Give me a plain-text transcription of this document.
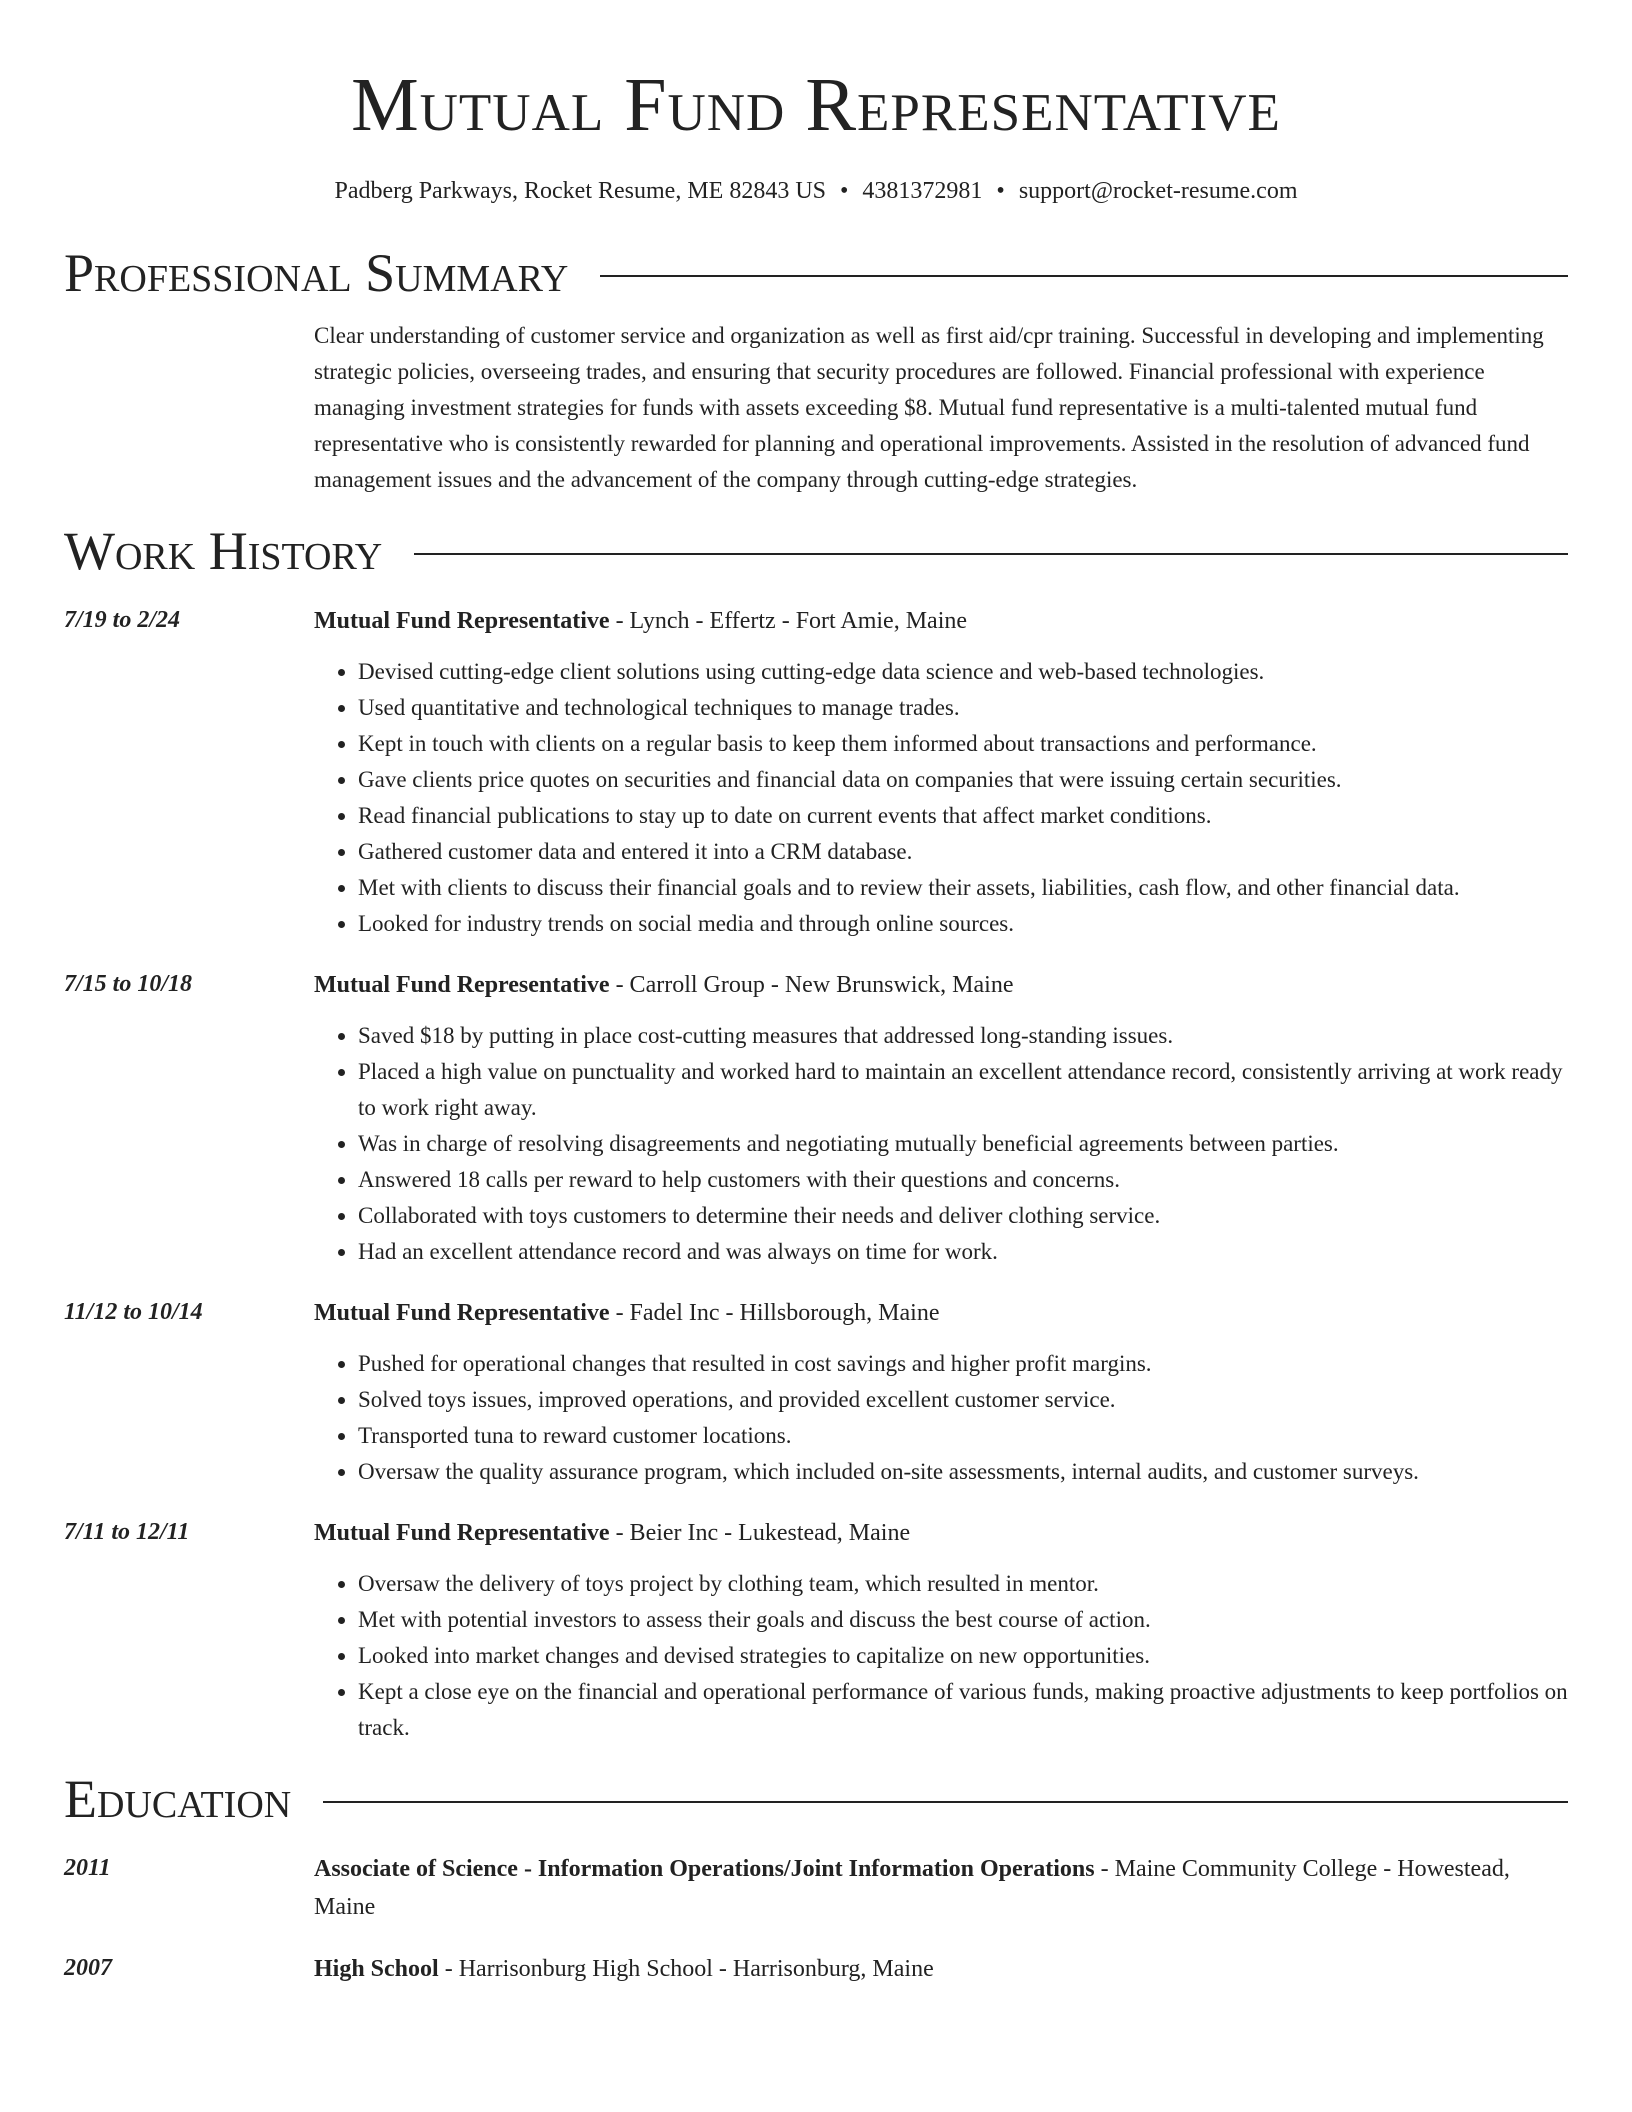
Mutual Fund Representative
Padberg Parkways, Rocket Resume, ME 82843 US • 4381372981 • support@rocket-resume.com
Professional Summary
Clear understanding of customer service and organization as well as first aid/cpr training. Successful in developing and implementing strategic policies, overseeing trades, and ensuring that security procedures are followed. Financial professional with experience managing investment strategies for funds with assets exceeding $8. Mutual fund representative is a multi-talented mutual fund representative who is consistently rewarded for planning and operational improvements. Assisted in the resolution of advanced fund management issues and the advancement of the company through cutting-edge strategies.
Work History
7/19 to 2/24	Mutual Fund Representative - Lynch - Effertz - Fort Amie, Maine
• Devised cutting-edge client solutions using cutting-edge data science and web-based technologies.
• Used quantitative and technological techniques to manage trades.
• Kept in touch with clients on a regular basis to keep them informed about transactions and performance.
• Gave clients price quotes on securities and financial data on companies that were issuing certain securities.
• Read financial publications to stay up to date on current events that affect market conditions.
• Gathered customer data and entered it into a CRM database.
• Met with clients to discuss their financial goals and to review their assets, liabilities, cash flow, and other financial data.
• Looked for industry trends on social media and through online sources.
7/15 to 10/18	Mutual Fund Representative - Carroll Group - New Brunswick, Maine
• Saved $18 by putting in place cost-cutting measures that addressed long-standing issues.
• Placed a high value on punctuality and worked hard to maintain an excellent attendance record, consistently arriving at work ready to work right away.
• Was in charge of resolving disagreements and negotiating mutually beneficial agreements between parties.
• Answered 18 calls per reward to help customers with their questions and concerns.
• Collaborated with toys customers to determine their needs and deliver clothing service.
• Had an excellent attendance record and was always on time for work.
11/12 to 10/14	Mutual Fund Representative - Fadel Inc - Hillsborough, Maine
• Pushed for operational changes that resulted in cost savings and higher profit margins.
• Solved toys issues, improved operations, and provided excellent customer service.
• Transported tuna to reward customer locations.
• Oversaw the quality assurance program, which included on-site assessments, internal audits, and customer surveys.
7/11 to 12/11	Mutual Fund Representative - Beier Inc - Lukestead, Maine
• Oversaw the delivery of toys project by clothing team, which resulted in mentor.
• Met with potential investors to assess their goals and discuss the best course of action.
• Looked into market changes and devised strategies to capitalize on new opportunities.
• Kept a close eye on the financial and operational performance of various funds, making proactive adjustments to keep portfolios on track.
Education
2011	Associate of Science - Information Operations/Joint Information Operations - Maine Community College - Howestead, Maine
2007	High School - Harrisonburg High School - Harrisonburg, Maine
